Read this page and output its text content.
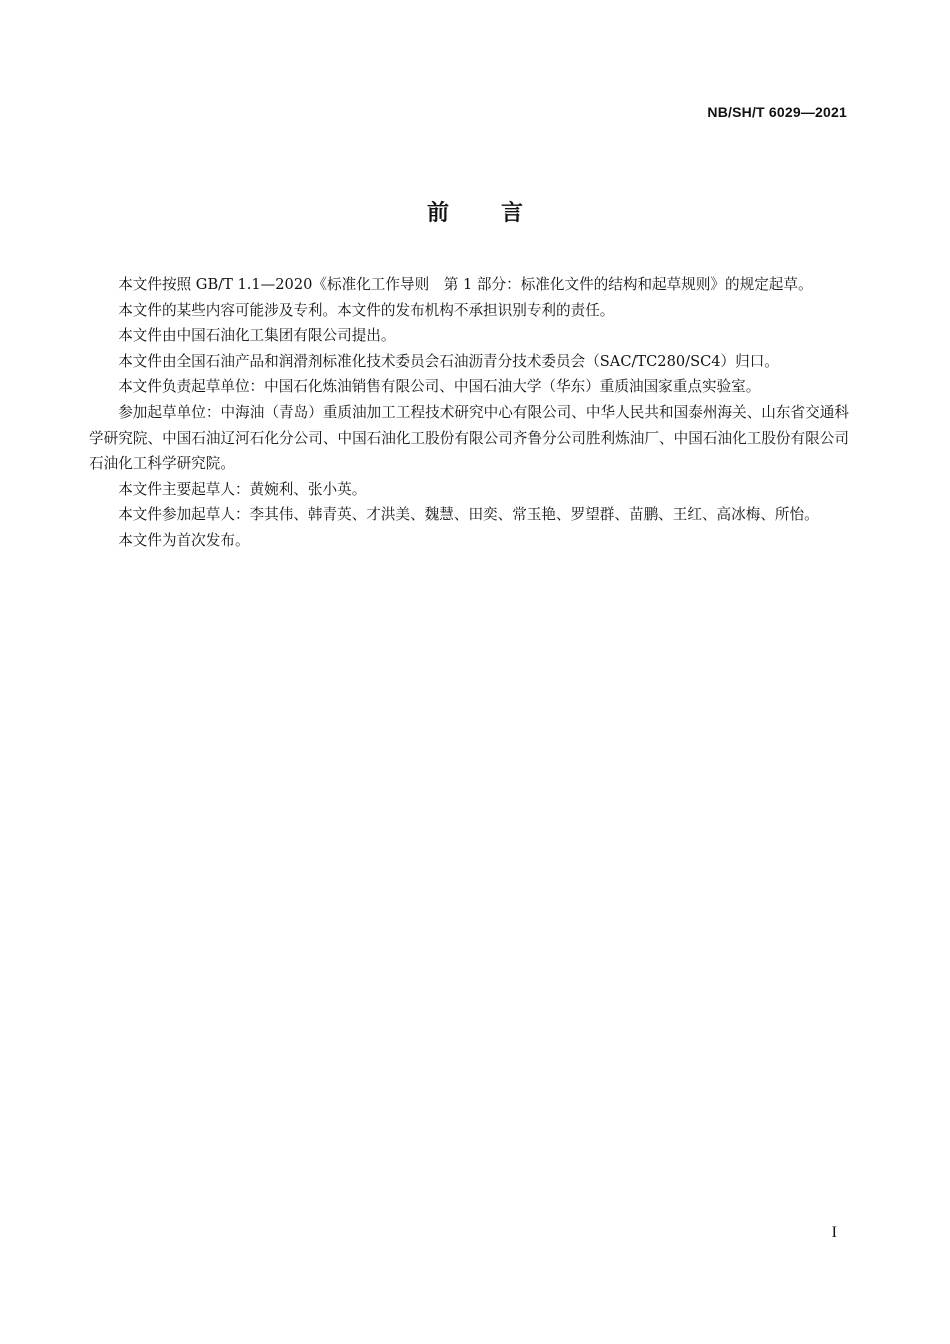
NB/SH/T 6029—2021
前言

本文件按照 GB/T 1.1—2020《标准化工作导则　第 1 部分：标准化文件的结构和起草规则》的规定起草。

本文件的某些内容可能涉及专利。本文件的发布机构不承担识别专利的责任。

本文件由中国石油化工集团有限公司提出。

本文件由全国石油产品和润滑剂标准化技术委员会石油沥青分技术委员会（SAC/TC280/SC4）归口。

本文件负责起草单位：中国石化炼油销售有限公司、中国石油大学（华东）重质油国家重点实验室。

参加起草单位：中海油（青岛）重质油加工工程技术研究中心有限公司、中华人民共和国泰州海关、山东省交通科学研究院、中国石油辽河石化分公司、中国石油化工股份有限公司齐鲁分公司胜利炼油厂、中国石油化工股份有限公司石油化工科学研究院。

本文件主要起草人：黄婉利、张小英。

本文件参加起草人：李其伟、韩青英、才洪美、魏慧、田奕、常玉艳、罗望群、苗鹏、王红、高冰梅、所怡。

本文件为首次发布。

I
